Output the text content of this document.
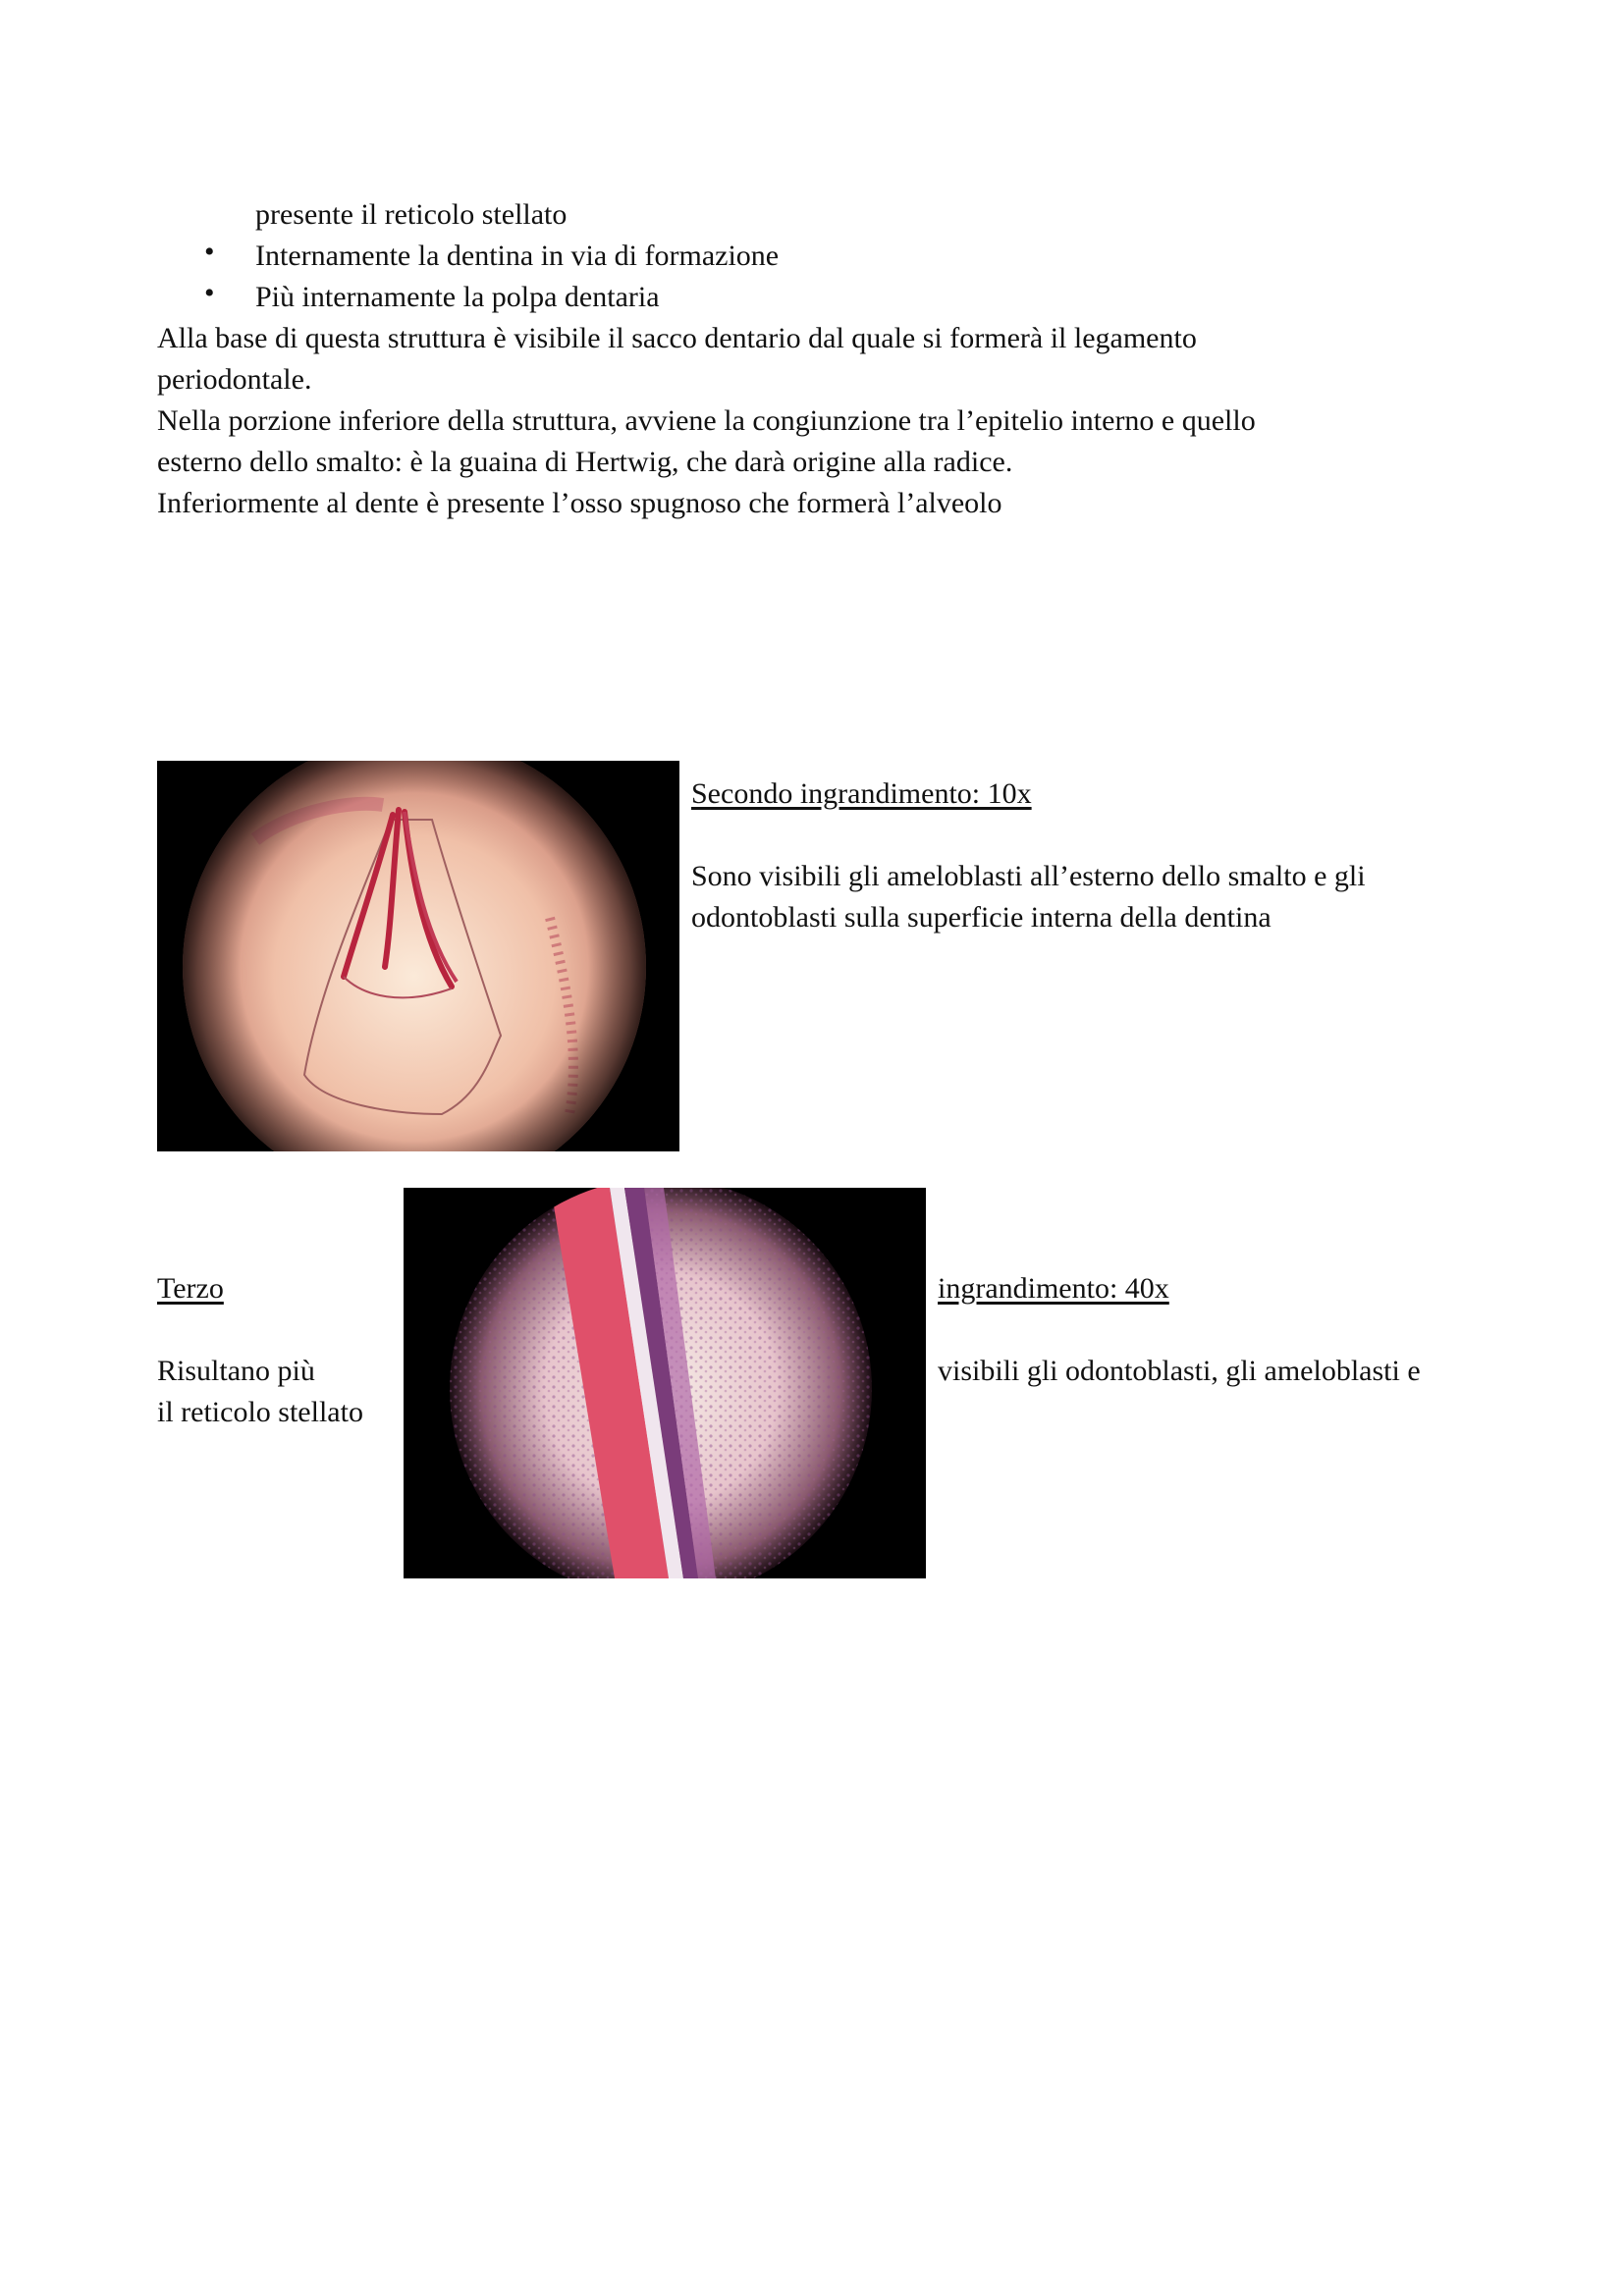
presente il reticolo stellato
• Internamente la dentina in via di formazione
• Più internamente la polpa dentaria
Alla base di questa struttura è visibile il sacco dentario dal quale si formerà il legamento
periodontale.
Nella porzione inferiore della struttura, avviene la congiunzione tra l’epitelio interno e quello
esterno dello smalto: è la guaina di Hertwig, che darà origine alla radice.
Inferiormente al dente è presente l’osso spugnoso che formerà l’alveolo
Secondo ingrandimento: 10x
Sono visibili gli ameloblasti all’esterno dello smalto e gli
odontoblasti sulla superficie interna della dentina
Terzo	ingrandimento: 40x
Risultano più
il reticolo stellato
visibili gli odontoblasti, gli ameloblasti e
